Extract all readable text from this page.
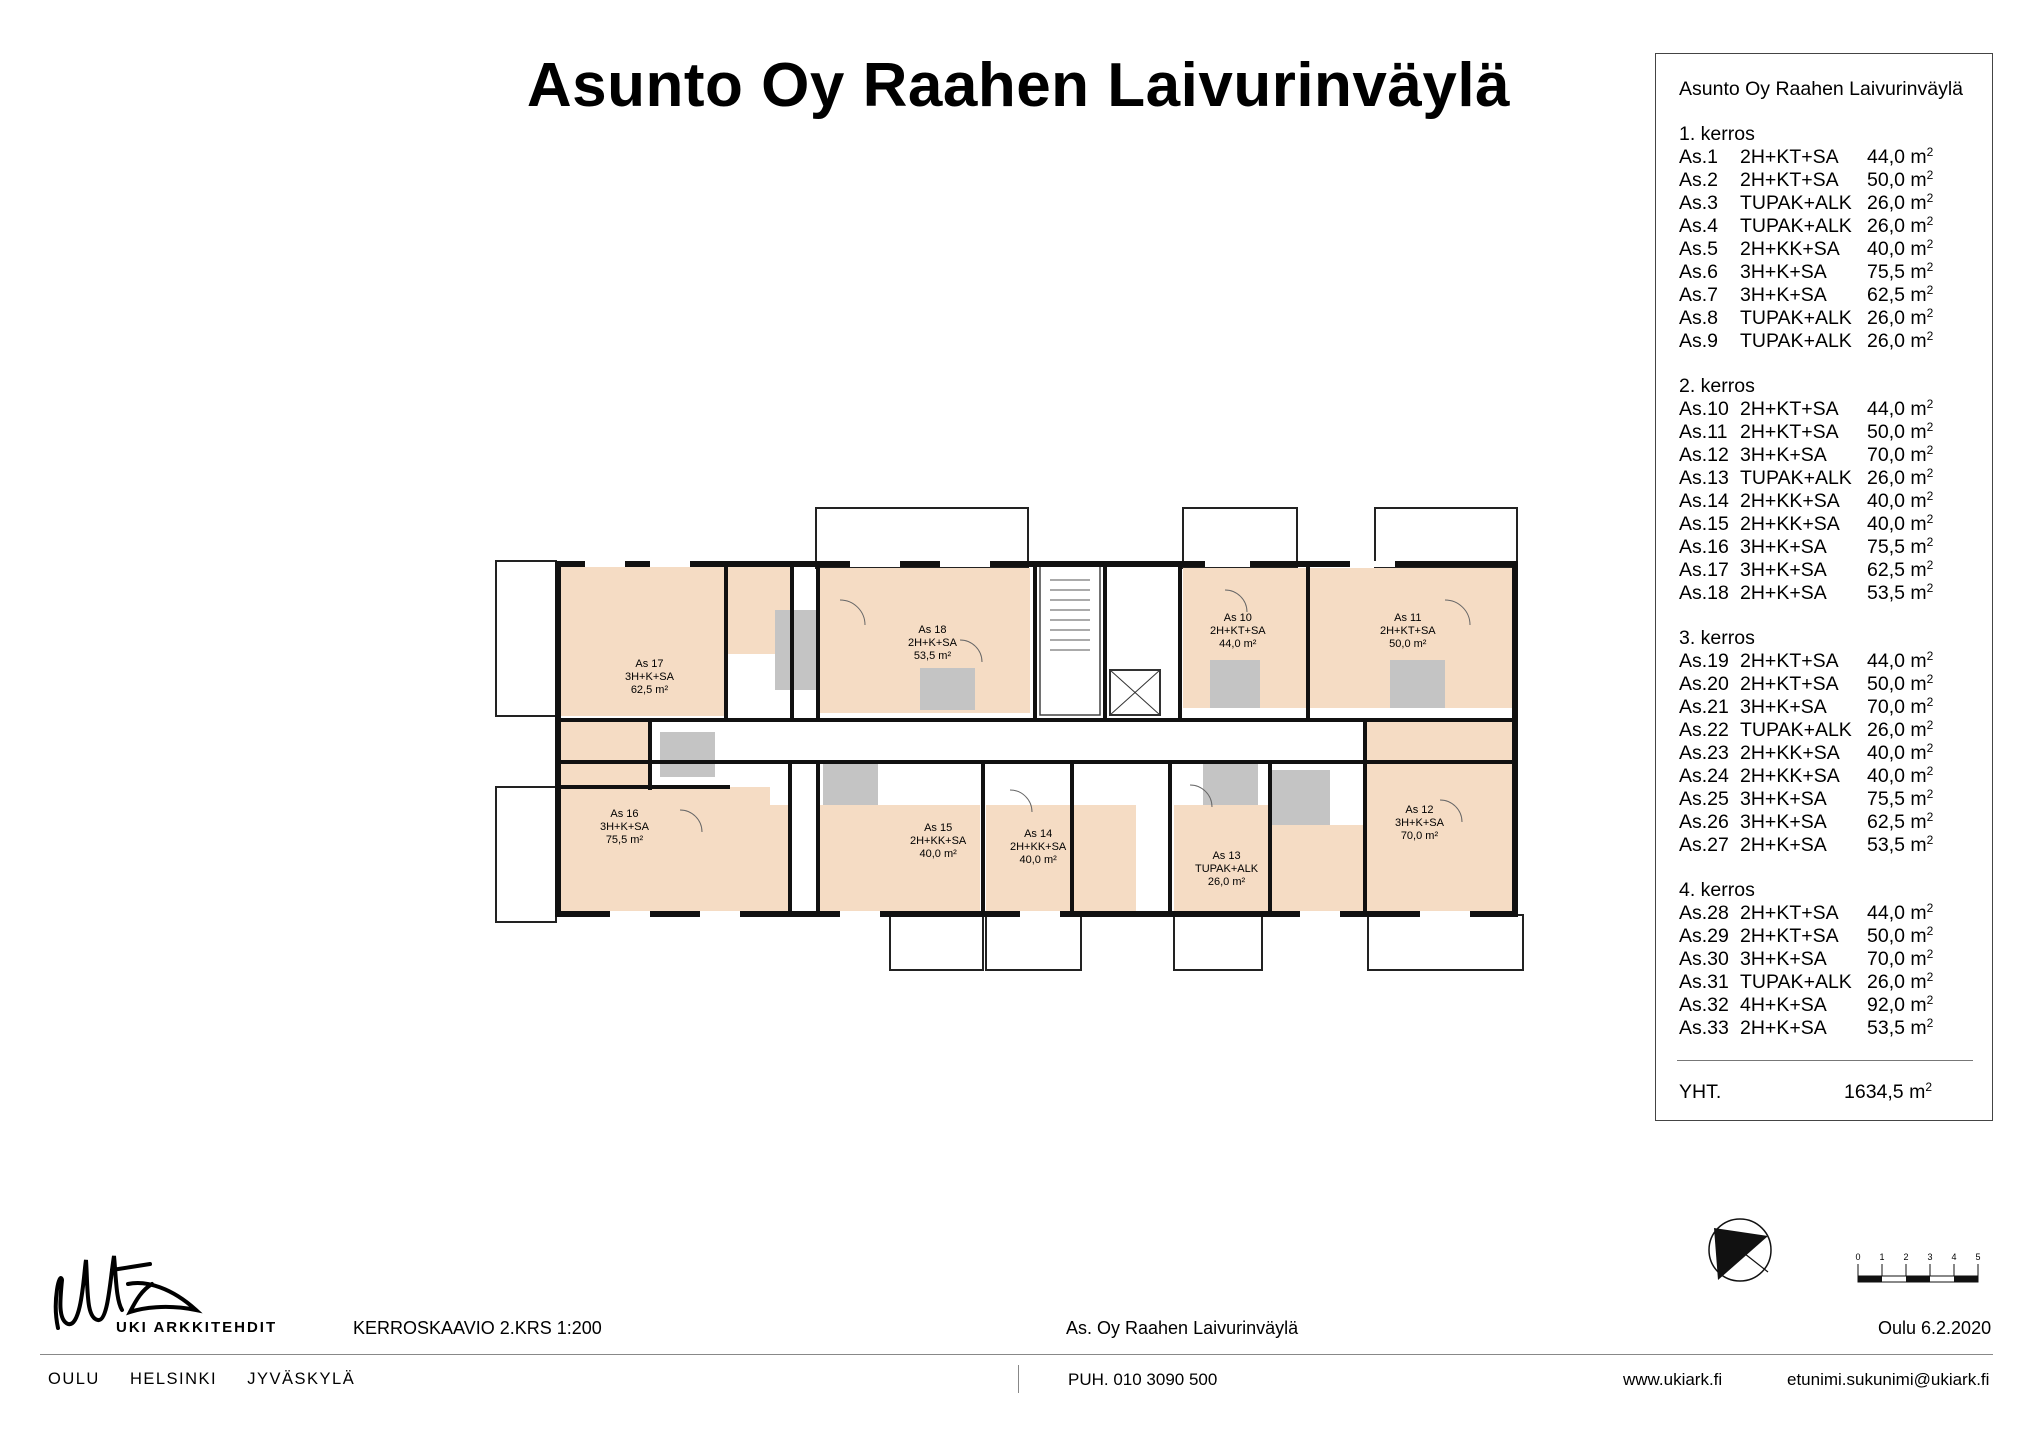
Asunto Oy Raahen Laivurinväylä
As 17
3H+K+SA
62,5 m²
As 18
2H+K+SA
53,5 m²
As 10
2H+KT+SA
44,0 m²
As 11
2H+KT+SA
50,0 m²
As 16
3H+K+SA
75,5 m²
As 15
2H+KK+SA
40,0 m²
As 14
2H+KK+SA
40,0 m²	As 13
TUPAK+ALK
26,0 m²
As 12
3H+K+SA
70,0 m²
Asunto Oy Raahen Laivurinväylä
1. kerros
As.1 2H+KT+SA 44,0 $m^2$
As.2 2H+KT+SA 50,0 $m^2$
As.3 TUPAK+ALK 26,0 $m^2$
As.4 TUPAK+ALK 26,0 $m^2$
As.5 2H+KK+SA 40,0 $m^2$
As.6 3H+K+SA 75,5 $m^2$
As.7 3H+K+SA 62,5 $m^2$
As.8 TUPAK+ALK 26,0 $m^2$
As.9 TUPAK+ALK 26,0 $m^2$
2. kerros
As.10 2H+KT+SA 44,0 $m^2$
As.11 2H+KT+SA 50,0 $m^2$
As.12 3H+K+SA 70,0 $m^2$
As.13 TUPAK+ALK 26,0 $m^2$
As.14 2H+KK+SA 40,0 $m^2$
As.15 2H+KK+SA 40,0 $m^2$
As.16 3H+K+SA 75,5 $m^2$
As.17 3H+K+SA 62,5 $m^2$
As.18 2H+K+SA 53,5 $m^2$
3. kerros
As.19 2H+KT+SA 44,0 $m^2$
As.20 2H+KT+SA 50,0 $m^2$
As.21 3H+K+SA 70,0 $m^2$
As.22 TUPAK+ALK 26,0 $m^2$
As.23 2H+KK+SA 40,0 $m^2$
As.24 2H+KK+SA 40,0 $m^2$
As.25 3H+K+SA 75,5 $m^2$
As.26 3H+K+SA 62,5 $m^2$
As.27 2H+K+SA 53,5 $m^2$
4. kerros
As.28 2H+KT+SA 44,0 $m^2$
As.29 2H+KT+SA 50,0 $m^2$
As.30 3H+K+SA 70,0 $m^2$
As.31 TUPAK+ALK 26,0 $m^2$
As.32 4H+K+SA 92,0 $m^2$
As.33 2H+K+SA 53,5 $m^2$
YHT.	1634,5 $m^2$
0 1 2 3 4 5
UKI ARKKITEHDIT	KERROSKAAVIO 2.KRS 1:200	As. Oy Raahen Laivurinväylä	Oulu 6.2.2020
OULU HELSINKI JYVÄSKYLÄ	PUH. 010 3090 500	www.ukiark.fi	etunimi.sukunimi@ukiark.fi
